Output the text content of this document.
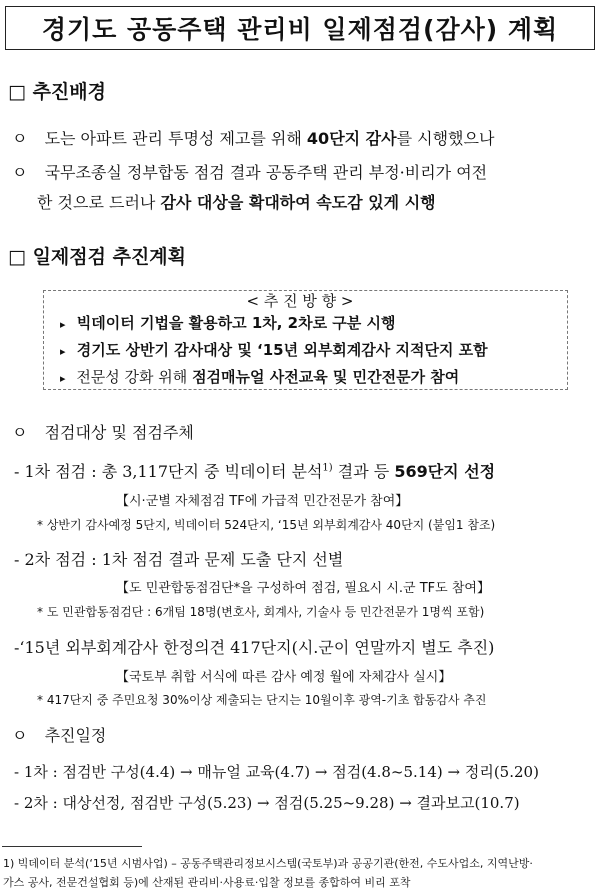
경기도 공동주택 관리비 일제점검(감사) 계획
□ 추진배경
ㅇ 도는 아파트 관리 투명성 제고를 위해 40단지 감사를 시행했으나
ㅇ 국무조종실 정부합동 점검 결과 공동주택 관리 부정·비리가 여전
한 것으로 드러나 감사 대상을 확대하여 속도감 있게 시행
□ 일제점검 추진계획
< 추 진 방 향 >
▸ 빅데이터 기법을 활용하고 1차, 2차로 구분 시행
▸ 경기도 상반기 감사대상 및 ‘15년 외부회계감사 지적단지 포함
▸ 전문성 강화 위해 점검매뉴얼 사전교육 및 민간전문가 참여
ㅇ 점검대상 및 점검주체
- 1차 점검 : 총 3,117단지 중 빅데이터 분석$^{1)}$ 결과 등 569단지 선정
【시·군별 자체점검 TF에 가급적 민간전문가 참여】
* 상반기 감사예정 5단지, 빅데이터 524단지, ‘15년 외부회계감사 40단지 (붙임1 참조)
- 2차 점검 : 1차 점검 결과 문제 도출 단지 선별
【도 민관합동점검단*을 구성하여 점검, 필요시 시.군 TF도 참여】
* 도 민관합동점검단 : 6개팀 18명(변호사, 회계사, 기술사 등 민간전문가 1명씩 포함)
-‘15년 외부회계감사 한정의견 417단지(시.군이 연말까지 별도 추진)
【국토부 취합 서식에 따른 감사 예정 월에 자체감사 실시】
* 417단지 중 주민요청 30%이상 제출되는 단지는 10월이후 광역-기초 합동감사 추진
ㅇ 추진일정
- 1차 : 점검반 구성(4.4) → 매뉴얼 교육(4.7) → 점검(4.8~5.14) → 정리(5.20)
- 2차 : 대상선정, 점검반 구성(5.23) → 점검(5.25~9.28) → 결과보고(10.7)
1) 빅데이터 분석(‘15년 시범사업) – 공동주택관리정보시스템(국토부)과 공공기관(한전, 수도사업소, 지역난방·
가스 공사, 전문건설협회 등)에 산재된 관리비·사용료·입찰 정보를 종합하여 비리 포착
